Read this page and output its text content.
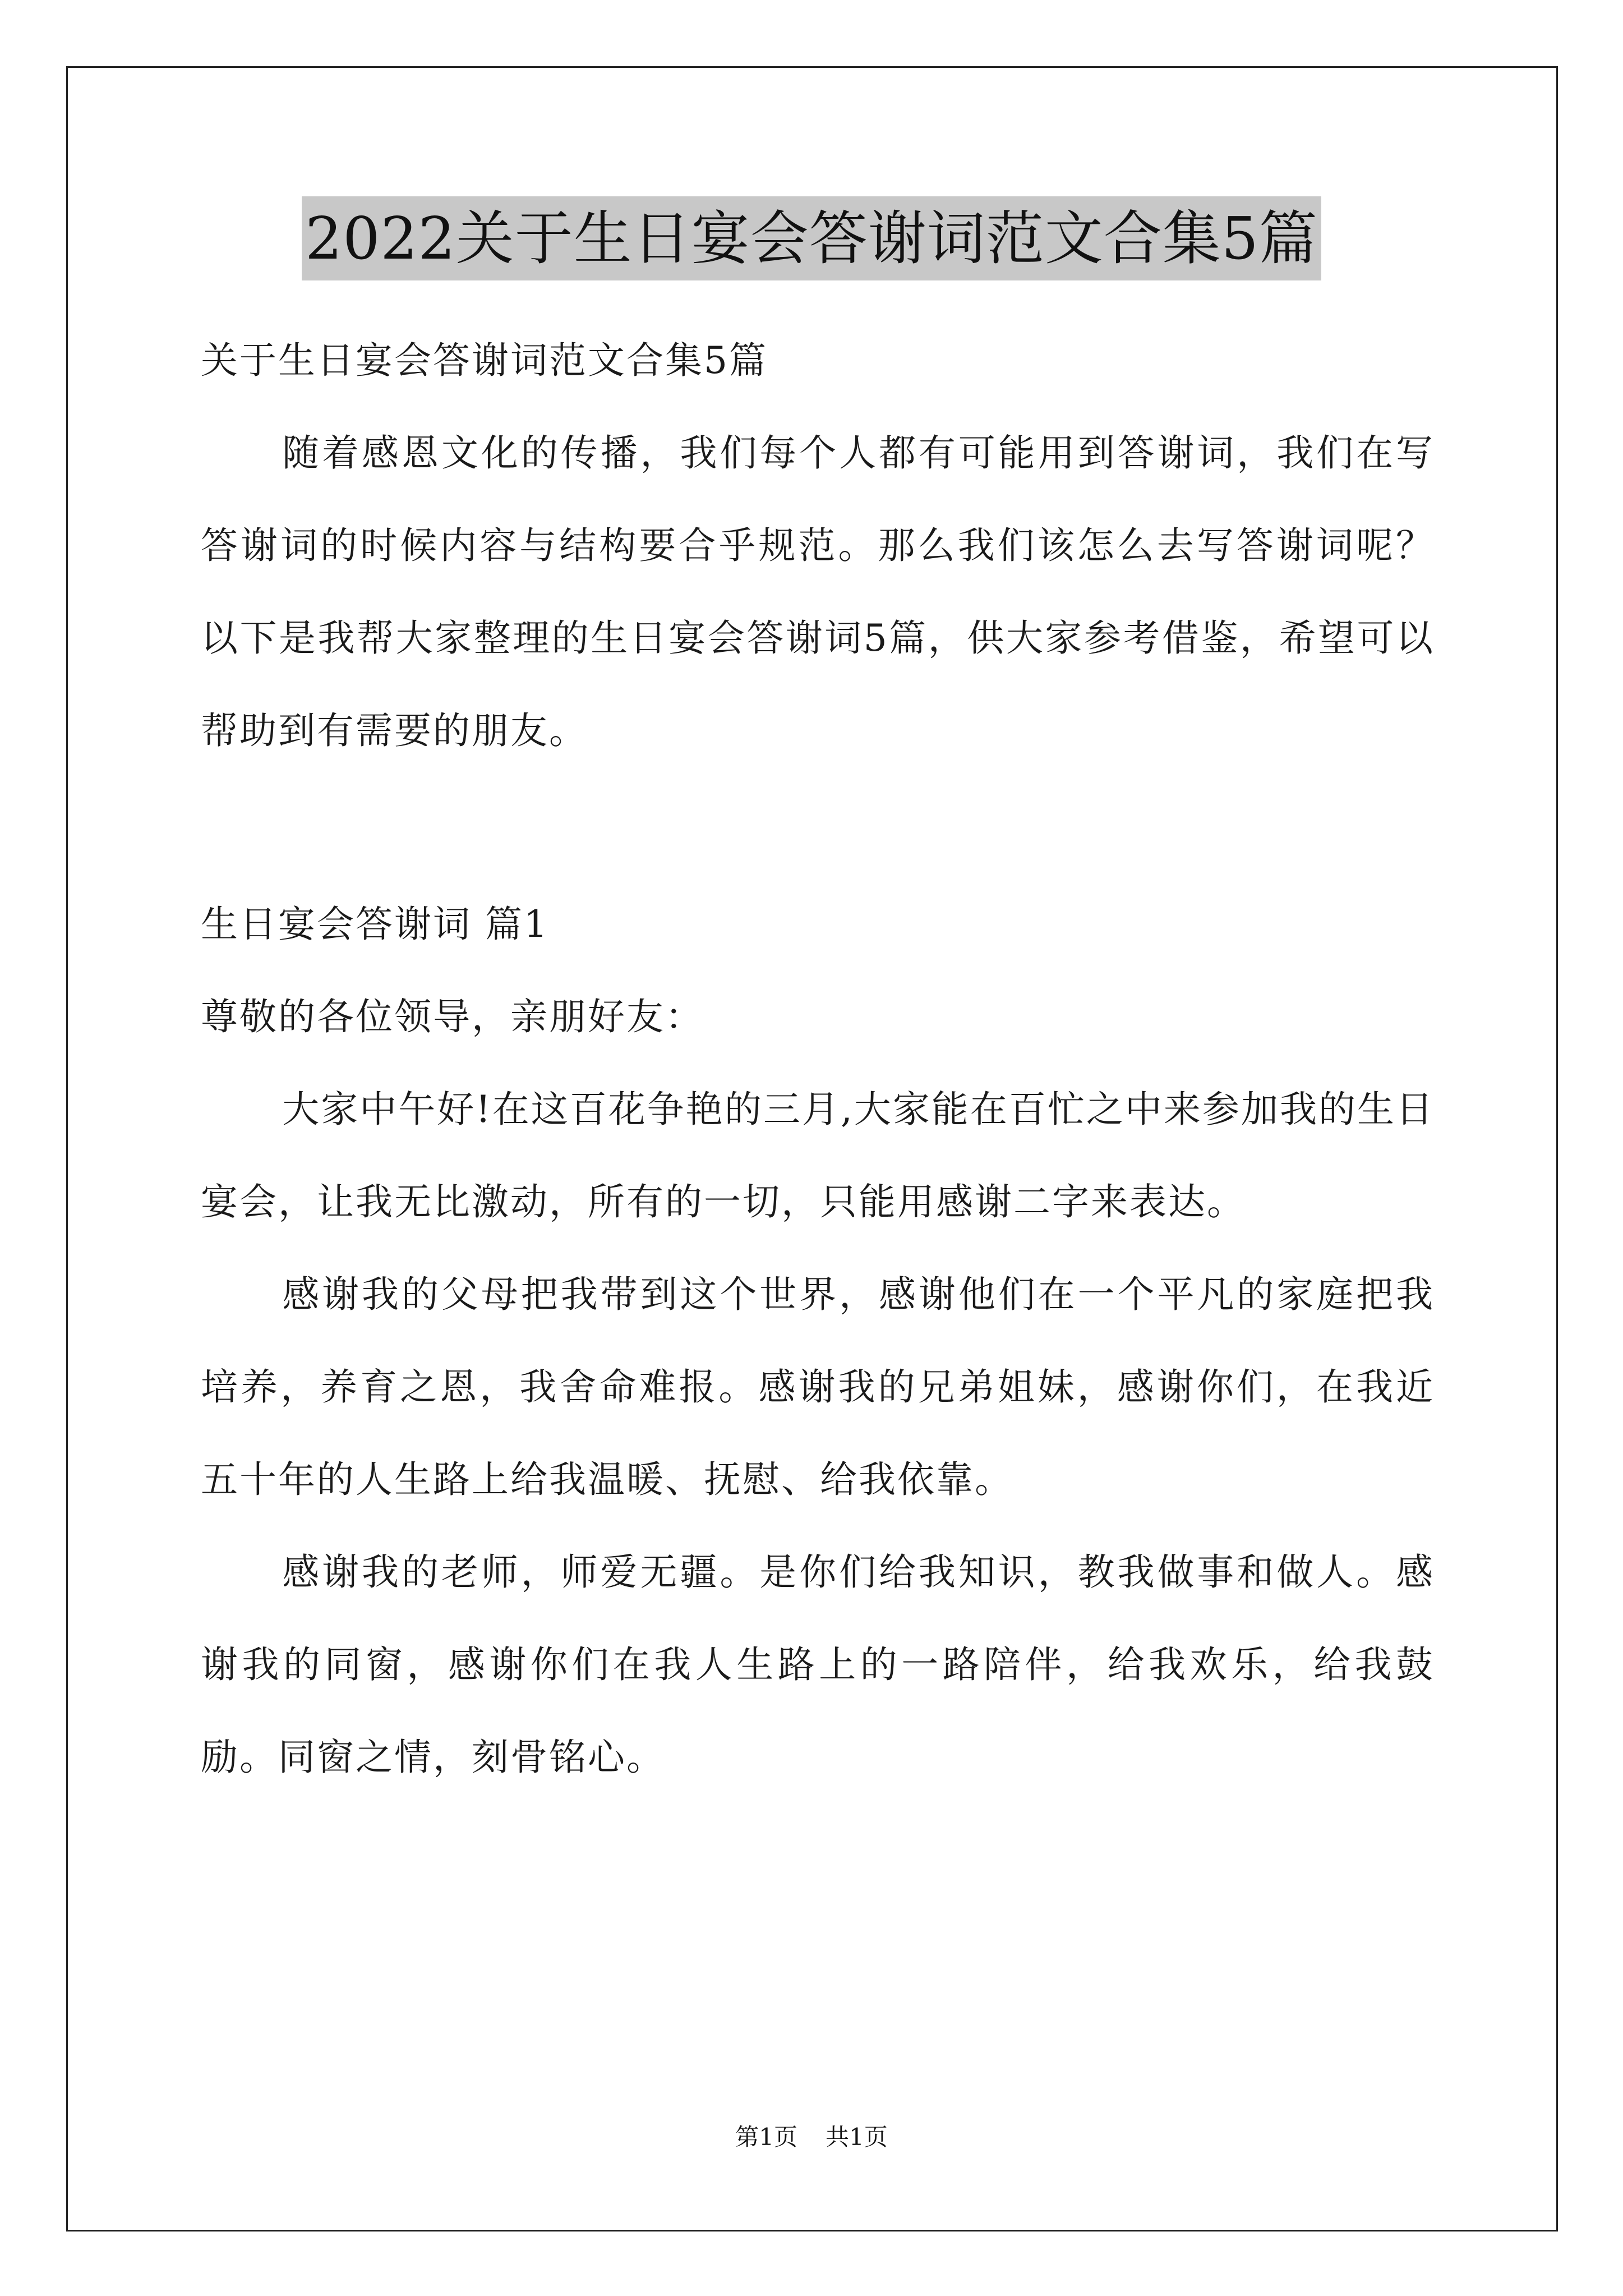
2022关于生日宴会答谢词范文合集5篇
关于生日宴会答谢词范文合集5篇

随着感恩文化的传播，我们每个人都有可能用到答谢词，我们在写答谢词的时候内容与结构要合乎规范。那么我们该怎么去写答谢词呢？以下是我帮大家整理的生日宴会答谢词5篇，供大家参考借鉴，希望可以帮助到有需要的朋友。

生日宴会答谢词 篇1
尊敬的各位领导，亲朋好友：

大家中午好!在这百花争艳的三月,大家能在百忙之中来参加我的生日宴会，让我无比激动，所有的一切，只能用感谢二字来表达。

感谢我的父母把我带到这个世界，感谢他们在一个平凡的家庭把我培养，养育之恩，我舍命难报。感谢我的兄弟姐妹，感谢你们，在我近五十年的人生路上给我温暖、抚慰、给我依靠。

感谢我的老师，师爱无疆。是你们给我知识，教我做事和做人。感谢我的同窗，感谢你们在我人生路上的一路陪伴，给我欢乐，给我鼓励。同窗之情，刻骨铭心。

第1页 共1页
